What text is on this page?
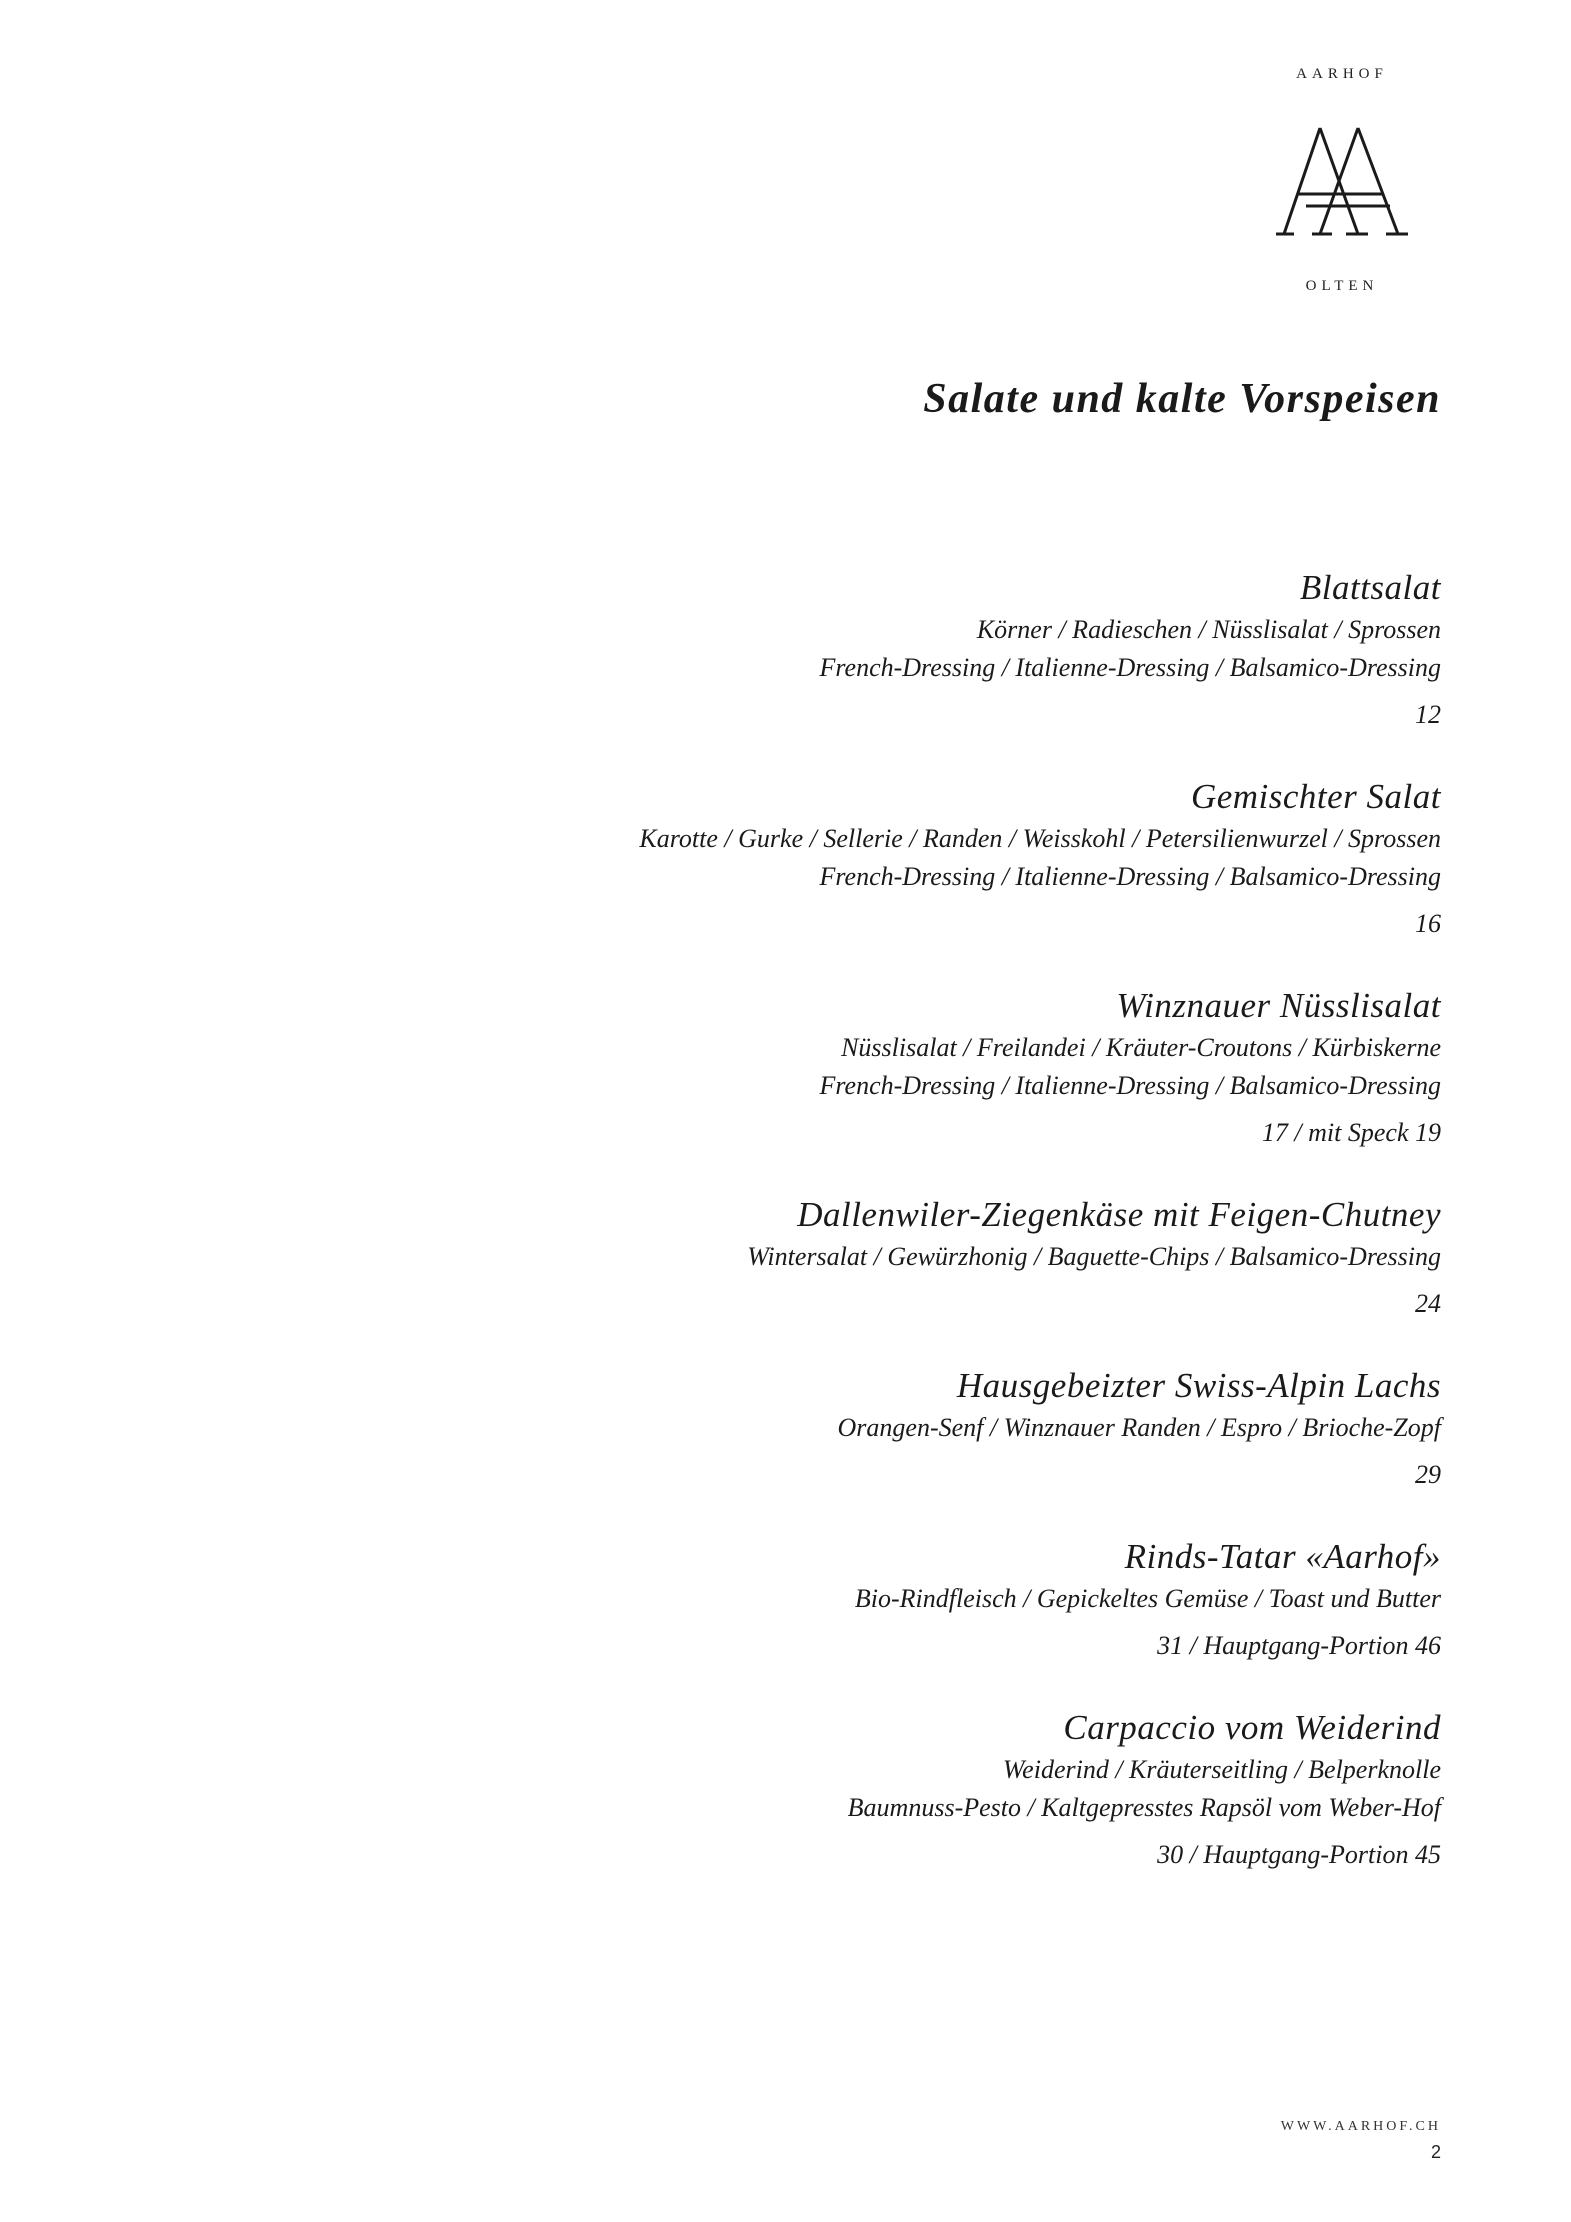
AARHOF
OLTEN
Salate und kalte Vorspeisen
Blattsalat
Körner / Radieschen / Nüsslisalat / Sprossen
French-Dressing / Italienne-Dressing / Balsamico-Dressing
12
Gemischter Salat
Karotte / Gurke / Sellerie / Randen / Weisskohl / Petersilienwurzel / Sprossen
French-Dressing / Italienne-Dressing / Balsamico-Dressing
16
Winznauer Nüsslisalat
Nüsslisalat / Freilandei / Kräuter-Croutons / Kürbiskerne
French-Dressing / Italienne-Dressing / Balsamico-Dressing
17 / mit Speck 19
Dallenwiler-Ziegenkäse mit Feigen-Chutney
Wintersalat / Gewürzhonig / Baguette-Chips / Balsamico-Dressing
24
Hausgebeizter Swiss-Alpin Lachs
Orangen-Senf / Winznauer Randen / Espro / Brioche-Zopf
29
Rinds-Tatar «Aarhof»
Bio-Rindfleisch / Gepickeltes Gemüse / Toast und Butter
31 / Hauptgang-Portion 46
Carpaccio vom Weiderind
Weiderind / Kräuterseitling / Belperknolle
Baumnuss-Pesto / Kaltgepresstes Rapsöl vom Weber-Hof
30 / Hauptgang-Portion 45
WWW.AARHOF.CH
2
